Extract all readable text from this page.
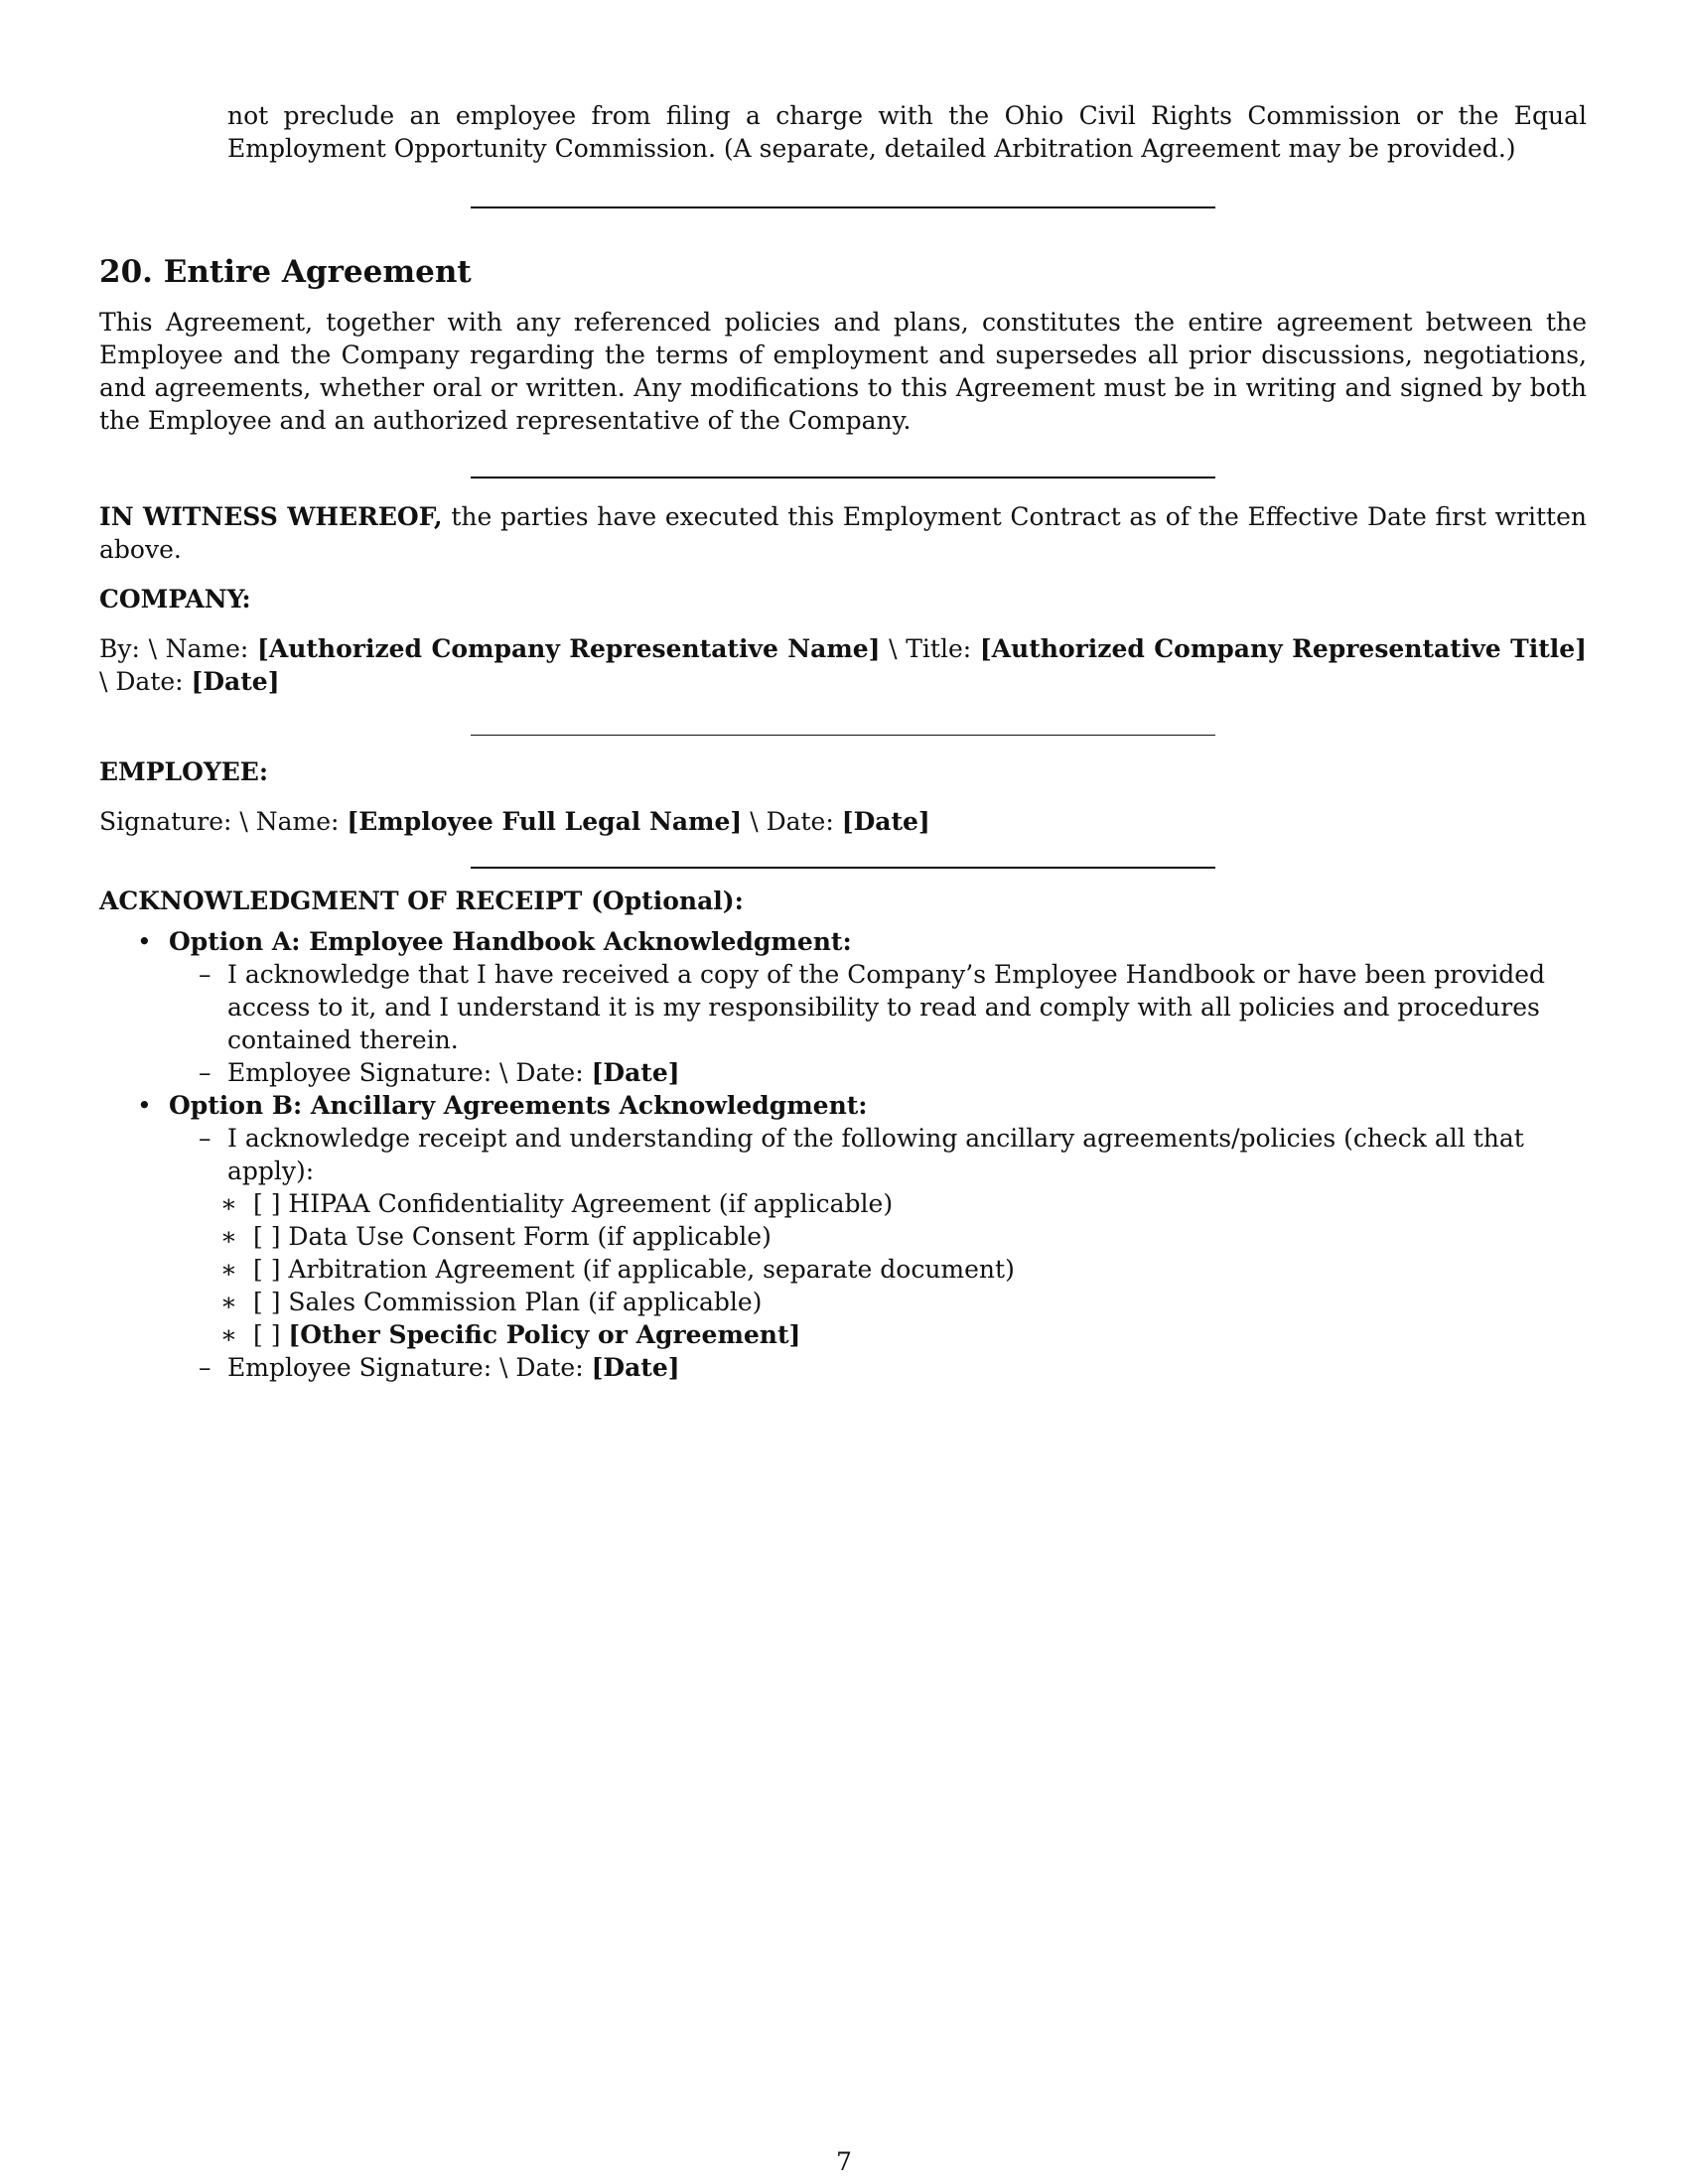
not preclude an employee from filing a charge with the Ohio Civil Rights Commission or the Equal Employment Opportunity Commission. (A separate, detailed Arbitration Agreement may be provided.)

20. Entire Agreement

This Agreement, together with any referenced policies and plans, constitutes the entire agreement between the Employee and the Company regarding the terms of employment and supersedes all prior discussions, negotiations, and agreements, whether oral or written. Any modifications to this Agreement must be in writing and signed by both the Employee and an authorized representative of the Company.

IN WITNESS WHEREOF, the parties have executed this Employment Contract as of the Effective Date first written above.

COMPANY:

By: \ Name: [Authorized Company Representative Name] \ Title: [Authorized Company Representative Title] \ Date: [Date]

EMPLOYEE:

Signature: \ Name: [Employee Full Legal Name] \ Date: [Date]

ACKNOWLEDGMENT OF RECEIPT (Optional):

• Option A: Employee Handbook Acknowledgment:
– I acknowledge that I have received a copy of the Company’s Employee Handbook or have been provided access to it, and I understand it is my responsibility to read and comply with all policies and procedures contained therein.
– Employee Signature: \ Date: [Date]
• Option B: Ancillary Agreements Acknowledgment:
– I acknowledge receipt and understanding of the following ancillary agreements/policies (check all that apply):
∗ [ ] HIPAA Confidentiality Agreement (if applicable)
∗ [ ] Data Use Consent Form (if applicable)
∗ [ ] Arbitration Agreement (if applicable, separate document)
∗ [ ] Sales Commission Plan (if applicable)
∗ [ ] [Other Specific Policy or Agreement]
– Employee Signature: \ Date: [Date]
7
